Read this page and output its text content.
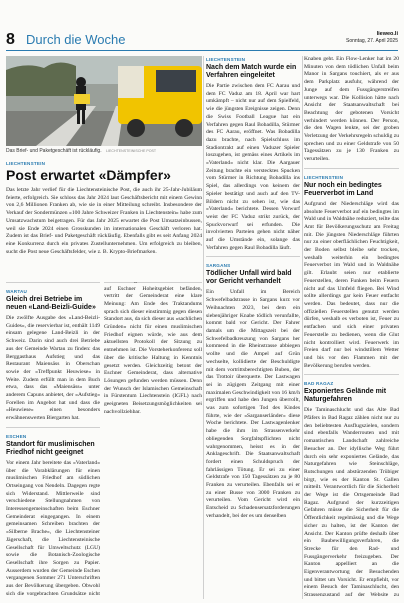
8 Durch die Woche	lieweo.li
Sonntag, 27. April 2025
Das Brief- und Paketgeschäft ist rückläufig. LIECHTENSTEINISCHE POST
LIECHTENSTEIN
Post erwartet «Dämpfer»

Das letzte Jahr verlief für die Liechtensteinische Post, die auch ihr 25-Jahr-Jubiläum feierte, erfolgreich. Sie schloss das Jahr 2024 laut Geschäftsbericht mit einem Gewinn von 2,6 Millionen Franken ab, wie sie in einer Mitteilung schreibt. Insbesondere der Verkauf der Sondermünzen «100 Jahre Schweizer Franken in Liechtenstein» habe zum Umsatzwachstum beigetragen. Für das Jahr 2025 erwartet die Post Umsatzeinbussen, weil sie Ende 2024 einen Grosskunden im internationalen Geschäft verloren hat. Zudem ist das Brief- und Paketgeschäft rückläufig. Ebenfalls gibt es seit Anfang 2024 eine Konkurrenz durch ein privates Zustellunternehmen. Um erfolgreich zu bleiben, sucht die Post neue Geschäftsfelder, wie z. B. Krypto-Briefmarken.

LIECHTENSTEIN
Nach dem Match wurde ein Verfahren eingeleitet

Die Partie zwischen dem FC Aarau und dem FC Vaduz am 18. April war hart umkämpft – nicht nur auf dem Spielfeld, wie die jüngsten Ereignisse zeigen. Denn die Swiss Football League hat ein Verfahren gegen Raul Bobadilla, Stürmer des FC Aarau, eröffnet. Was Bobadilla dazu brachte, nach Spielschluss im Stadiontrakt auf einen Vaduzer Spieler loszugehen, ist gemäss eines Artikels im «Vaterland» nicht klar. Die Aargauer Zeitung brachte ein verstecktes Spucken vom Stürmer in Richtung Bobadilla ins Spiel, das allerdings von keinem der Spieler bestätigt und auch auf den TV-Bildern nicht zu sehen ist, wie das «Vaterland» berichtete. Dessen Vorwurf weist der FC Vaduz strikt zurück, der Spuckvorwurf sei erfunden. Die involvierten Parteien gehen nicht näher auf die Umstände ein, solange das Verfahren gegen Raul Bobadilla läuft.

SARGANS
Tödlicher Unfall wird bald vor Gericht verhandelt

Ein Unfall im Bereich Schwefelbadstrasse in Sargans kurz vor Weihnachten 2023, bei dem ein siebenjähriger Knabe tödlich verunfallte, kommt bald vor Gericht. Der Fahrer damals um die Mittagszeit bei der Schwefelbadkreuzung von Sargans her kommend in die Rheinstrasse abbiegen wollte und die Ampel auf Grün wechselte, kollidierte der Beschuldigte mit dem vortrittsberechtigten Buben, der das Trottoir überquerte. Der Lastwagen sei in zügigem Zeitgang mit einer maximalen Geschwindigkeit von 16 km/h ergriffen und habe den Jungen überrollt, was zum sofortigen Tod des Kindes führte, wie der «Sarganserländer» diese Woche berichtete. Der Lastwagenlenker habe die ihm im Strassenverkehr obliegenden Sorgfaltspflichten nicht wahrgenommen, heisst es in der Anklageschrift. Die Staatsanwaltschaft fordert einen Schuldspruch der fahrlässigen Tötung. Er sei zu einer Geldstrafe von 150 Tagessätzen zu je 80 Franken zu verurteilen. Ebenfalls sei er zu einer Busse von 3000 Franken zu verurteilen. Vom Gericht wird ein Entscheid zu Schadensersatzforderungen verhandelt, bei der es um denselben

Knaben geht. Ein Flow-Lenker hat im 20 Minuten von dem tödlichen Unfall beim Manor in Sargans touchiert, als er aus dem Parkplatz ausfuhr, während der Junge auf dem Fussgängerstreifen unterwegs war. Die Kollision hätte nach Ansicht der Staatsanwaltschaft bei Beachtung der gebotenen Vorsicht verhindert werden können. Der Person, die den Wagen lenkte, sei der groben Verletzung der Verkehrsregeln schuldig zu sprechen und zu einer Geldstrafe von 50 Tagessätzen zu je 130 Franken zu verurteilen.

LIECHTENSTEIN
Nur noch ein bedingtes Feuerverbot im Land

Aufgrund der Niederschläge wird das absolute Feuerverbot auf ein bedingtes im Wald und in Waldnähe reduziert, teilte das Amt für Bevölkerungsschutz am Freitag mit. Die jüngsten Niederschläge führten nur zu einer oberflächlichen Feuchtigkeit, der Boden selbst bleibe sehr trocken, weshalb weiterhin ein bedingtes Feuerverbot im Wald und in Waldnähe gilt. Erlaubt seien nur etablierte Feuerstellen, deren Funken beim Feuern nicht auf das Umfeld fliegen. Bei Wind sollte allerdings gar kein Feuer entfacht werden. Das bedeutet, dass nur die offiziellen Feuerstellen genutzt werden dürfen, weshalb es verboten ist, Feuer zu entfachen und sich einer privaten Feuerstelle zu bedienen, wenn die Glut nicht kontrolliert wird. Feuerwerk im Freien darf nur bei windstillem Wetter und bis vor den Flammen mit der Bevölkerung berufen werden.

BAD RAGAZ
Exponiertes Gelände mit Naturgefahren

Die Taminaschlucht und das Alte Bad Pfäfers in Bad Ragaz zählen nicht nur zu den beliebtesten Ausflugszielen, sondern sind ebenfalls Wanderrouten und mit romantischen Landschaft zahlreiche Besucher an. Der idyllische Weg führt durch ein sehr exponiertes Gelände, das Naturgefahren wie Steinschläge, Rutschungen und abstürzenden Trübiger birgt, wie es der Kanton St. Gallen mitteilt. Verantwortlich für die Sicherheit der Wege ist die Ortsgemeinde Bad Ragaz. Aufgrund der kurzzeitigen Gefahren müsse die Sicherheit für die Öffentlichkeit regelmässig und die Wege sicher zu halten, ist der Kanton der Ansicht. Der Kanton prüfte deshalb über ein Baubewilligungsverfahren, die Strecke für den Rad- und Fussgängerverkehr freizugeben. Der Kanton appelliert an die Eigenverantwortung der Besuchenden und bittet um Vorsicht. Er empfiehlt, vor einem Besuch der Taminaschlucht, den Strassenzustand auf der Website zu

WARTAU
Gleich drei Betriebe im neuen «Land-Beizli-Guide»

Die zwölfte Ausgabe des «Land-Beizli-Guides», die reservierbar ist, enthält 1149 einsam gelegene Land-Beizli in der Schweiz. Darin sind auch drei Betriebe aus der Gemeinde Wartau zu finden: das Berggasthaus Aufstieg und das Restaurant Maiensäss in Oberschan sowie der «Treffpunkt Heuwiese» in Weite. Zudem erfüllt man in dem Buch etwa, dass das «Maiensäss» unter anderem Capuns anbietet, der «Aufstieg» Forellen im Angebot hat und dass die «Heuwiese» einen besonders erwähnenswerten Biergarten hat.

ESCHEN
Standort für muslimischen Friedhof nicht geeignet

Vor einem Jahr bereitete das «Vaterland» über die Vorabklärungen für einen muslimischen Friedhof am südlichen Ortseingang von Nendeln. Dagegen regte sich Widerstand. Mittlerweile sind verschiedene Stellungnahmen von Interessengemeinschaften beim Eschner Gemeinderat eingegangen. In einem gemeinsamen Schreiben brachten der «Silberne Brache», die Liechtensteiner Jägerschaft, die Liechtensteinische Gesellschaft für Umweltschutz (LGU) sowie die Botanisch-Zoologische Gesellschaft ihre Sorgen zu Papier. Ausserdem wurden der Gemeinde Eschen vergangenen Sommer 271 Unterschriften aus der Bevölkerung übergeben. Obwohl sich die vorgebrachten Grundsätze nicht

auf Eschner Hoheitsgebiet befänden, vertritt der Gemeinderat eine klare Meinung: Am Ende des Traktandums sprach sich dieser einstimmig gegen diesen Standort aus, da sich dieser aus «sachlichen Gründen» nicht für einen muslimischen Friedhof eignen würde, wie aus dem aktuellsten Protokoll der Sitzung zu entnehmen ist. Die Vorsteherkonferenz soll über die kritische Haltung in Kenntnis gesetzt werden. Gleichzeitig betont der Eschner Gemeinderat, dass alternative Lösungen gefunden werden müssen. Denn der Wunsch der Islamischen Gemeinschaft in Fürstentum Liechtenstein (IGFL) nach geeigneten Beisetzungsmöglichkeiten sei nachvollziehbar.
